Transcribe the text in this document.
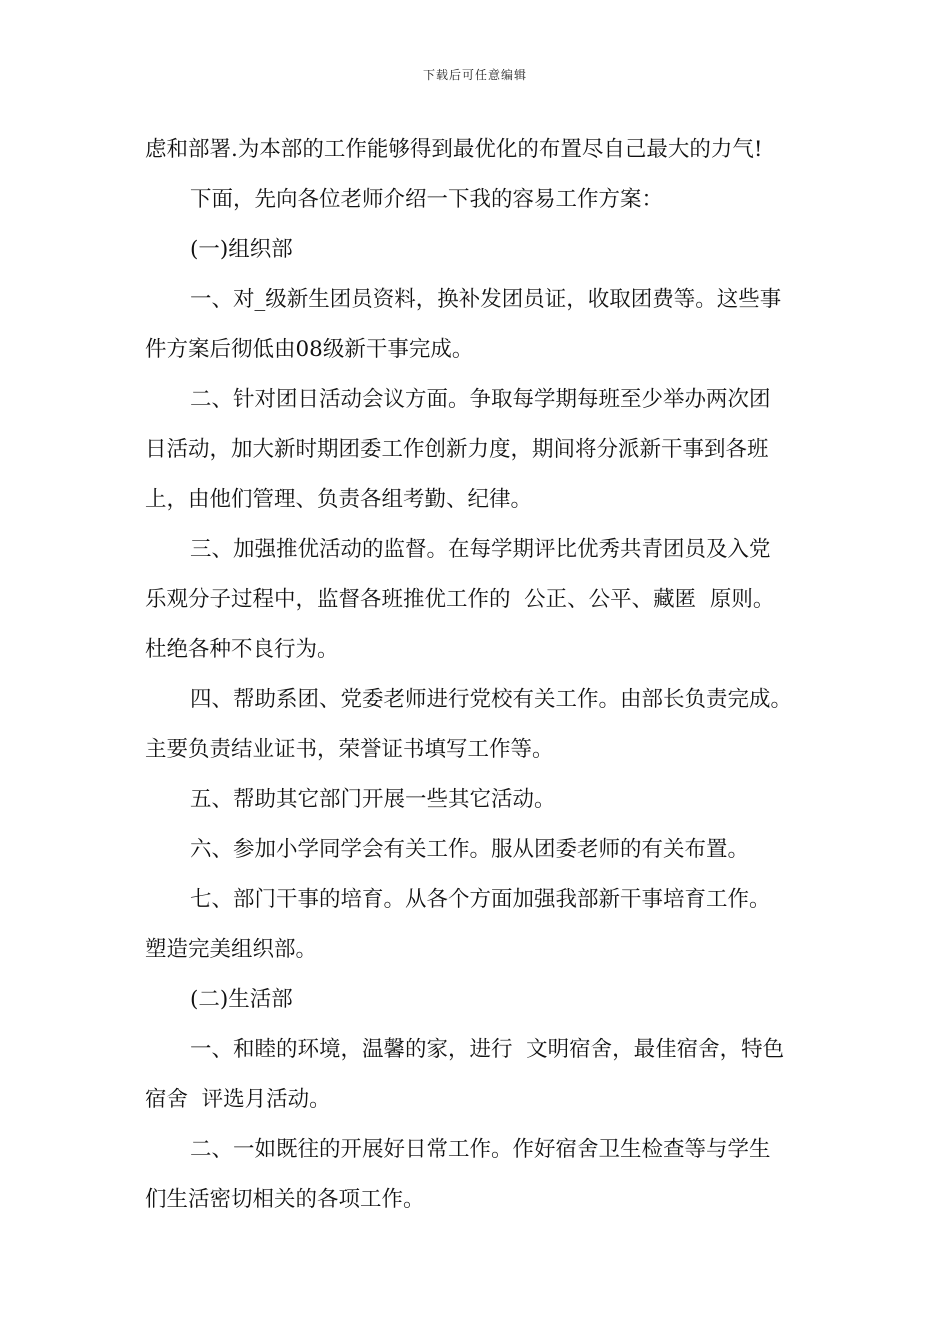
下载后可任意编辑
虑和部署.为本部的工作能够得到最优化的布置尽自己最大的力气!
下面，先向各位老师介绍一下我的容易工作方案：
(一)组织部
一、对_级新生团员资料，换补发团员证，收取团费等。这些事
件方案后彻低由08级新干事完成。
二、针对团日活动会议方面。争取每学期每班至少举办两次团
日活动，加大新时期团委工作创新力度，期间将分派新干事到各班
上，由他们管理、负责各组考勤、纪律。
三、加强推优活动的监督。在每学期评比优秀共青团员及入党
乐观分子过程中，监督各班推优工作的  公正、公平、藏匿  原则。
杜绝各种不良行为。
四、帮助系团、党委老师进行党校有关工作。由部长负责完成。
主要负责结业证书，荣誉证书填写工作等。
五、帮助其它部门开展一些其它活动。
六、参加小学同学会有关工作。服从团委老师的有关布置。
七、部门干事的培育。从各个方面加强我部新干事培育工作。
塑造完美组织部。
(二)生活部
一、和睦的环境，温馨的家，进行  文明宿舍，最佳宿舍，特色
宿舍  评选月活动。
二、一如既往的开展好日常工作。作好宿舍卫生检查等与学生
们生活密切相关的各项工作。
